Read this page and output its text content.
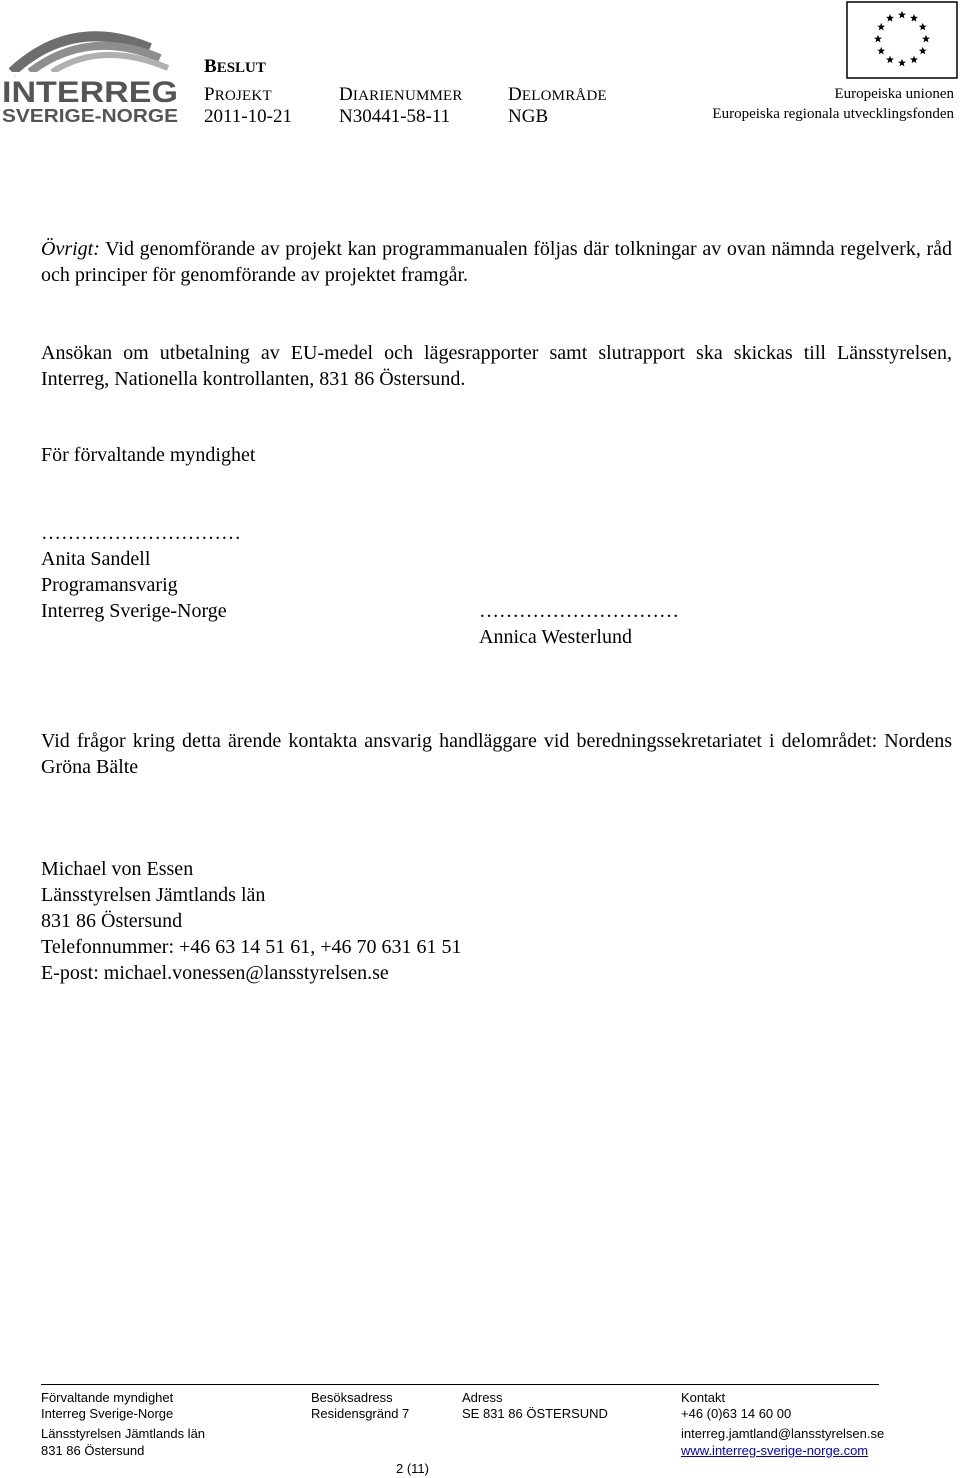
INTERREG
SVERIGE-NORGE
BESLUT
PROJEKT
2011-10-21
DIARIENUMMER
N30441-58-11
DELOMRÅDE
NGB
Europeiska unionen
Europeiska regionala utvecklingsfonden
Övrigt: Vid genomförande av projekt kan programmanualen följas där tolkningar av ovan nämnda regelverk, råd och principer för genomförande av projektet framgår.
Ansökan om utbetalning av EU-medel och lägesrapporter samt slutrapport ska skickas till Länsstyrelsen, Interreg, Nationella kontrollanten, 831 86 Östersund.
För förvaltande myndighet
…………………………
Anita Sandell
Programansvarig
Interreg Sverige-Norge	…………………………
Annica Westerlund
Vid frågor kring detta ärende kontakta ansvarig handläggare vid beredningssekretariatet i delområdet: Nordens Gröna Bälte
Michael von Essen
Länsstyrelsen Jämtlands län
831 86 Östersund
Telefonnummer: +46 63 14 51 61, +46 70 631 61 51
E-post: michael.vonessen@lansstyrelsen.se
Förvaltande myndighet
Interreg Sverige-Norge
Länsstyrelsen Jämtlands län
831 86 Östersund
Besöksadress
Residensgränd 7
Adress
SE 831 86 ÖSTERSUND
Kontakt
+46 (0)63 14 60 00
interreg.jamtland@lansstyrelsen.se
www.interreg-sverige-norge.com
2 (11)
